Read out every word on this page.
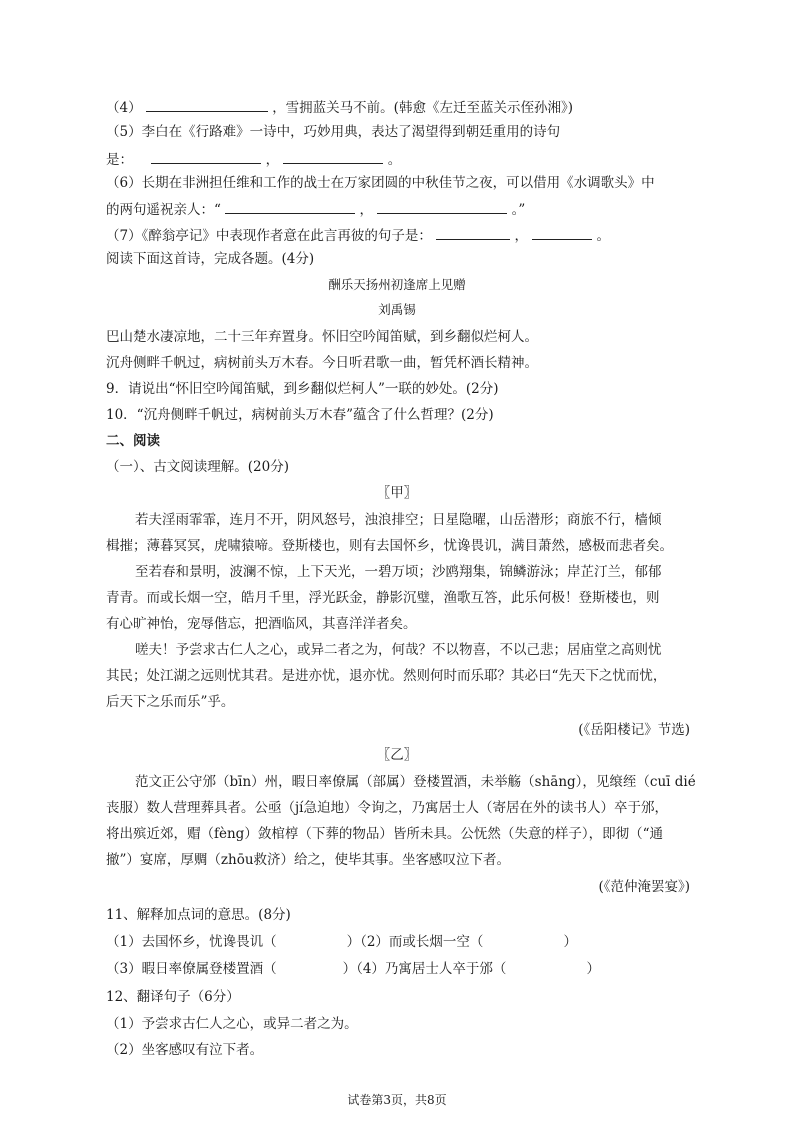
（4）	，雪拥蓝关马不前。(韩愈《左迁至蓝关示侄孙湘》)
（5）李白在《行路难》一诗中，巧妙用典，表达了渴望得到朝廷重用的诗句
是：	，	。
（6）长期在非洲担任维和工作的战士在万家团圆的中秋佳节之夜，可以借用《水调歌头》中
的两句遥祝亲人：“	，	。”
（7）《醉翁亭记》中表现作者意在此言再彼的句子是：	，	。
阅读下面这首诗，完成各题。(4分)
酬乐天扬州初逢席上见赠
刘禹锡
巴山楚水凄凉地，二十三年弃置身。怀旧空吟闻笛赋，到乡翻似烂柯人。
沉舟侧畔千帆过，病树前头万木春。今日听君歌一曲，暂凭杯酒长精神。
9．请说出“怀旧空吟闻笛赋，到乡翻似烂柯人”一联的妙处。(2分)
10．“沉舟侧畔千帆过，病树前头万木春”蕴含了什么哲理？(2分)
二、阅读
（一）、古文阅读理解。(20分)
〖甲〗
若夫淫雨霏霏，连月不开，阴风怒号，浊浪排空；日星隐曜，山岳潜形；商旅不行，樯倾
楫摧；薄暮冥冥，虎啸猿啼。登斯楼也，则有去国怀乡，忧谗畏讥，满目萧然，感极而悲者矣。
至若春和景明，波澜不惊，上下天光，一碧万顷；沙鸥翔集，锦鳞游泳；岸芷汀兰，郁郁
青青。而或长烟一空，皓月千里，浮光跃金，静影沉璧，渔歌互答，此乐何极！登斯楼也，则
有心旷神怡，宠辱偕忘，把酒临风，其喜洋洋者矣。
嗟夫！予尝求古仁人之心，或异二者之为，何哉？不以物喜，不以己悲；居庙堂之高则忧
其民；处江湖之远则忧其君。是进亦忧，退亦忧。然则何时而乐耶？其必曰“先天下之忧而忧，
后天下之乐而乐”乎。
(《岳阳楼记》节选)
〖乙〗
范文正公守邠（bīn）州，暇日率僚属（部属）登楼置酒，未举觞（shāng），见缞绖（cuī dié
丧服）数人营理葬具者。公亟（jí急迫地）令询之，乃寓居士人（寄居在外的读书人）卒于邠，
将出殡近郊，赗（fèng）敛棺椁（下葬的物品）皆所未具。公怃然（失意的样子），即彻（“通
撤”）宴席，厚赒（zhōu救济）给之，使毕其事。坐客感叹泣下者。
(《范仲淹罢宴》)
11、解释加点词的意思。(8分)
（1）去国怀乡，忧谗畏讥（	）（2）而或长烟一空（	）
（3）暇日率僚属登楼置酒（	）（4）乃寓居士人卒于邠（	）
12、翻译句子（6分）
（1）予尝求古仁人之心，或异二者之为。
（2）坐客感叹有泣下者。
试卷第3页，共8页
